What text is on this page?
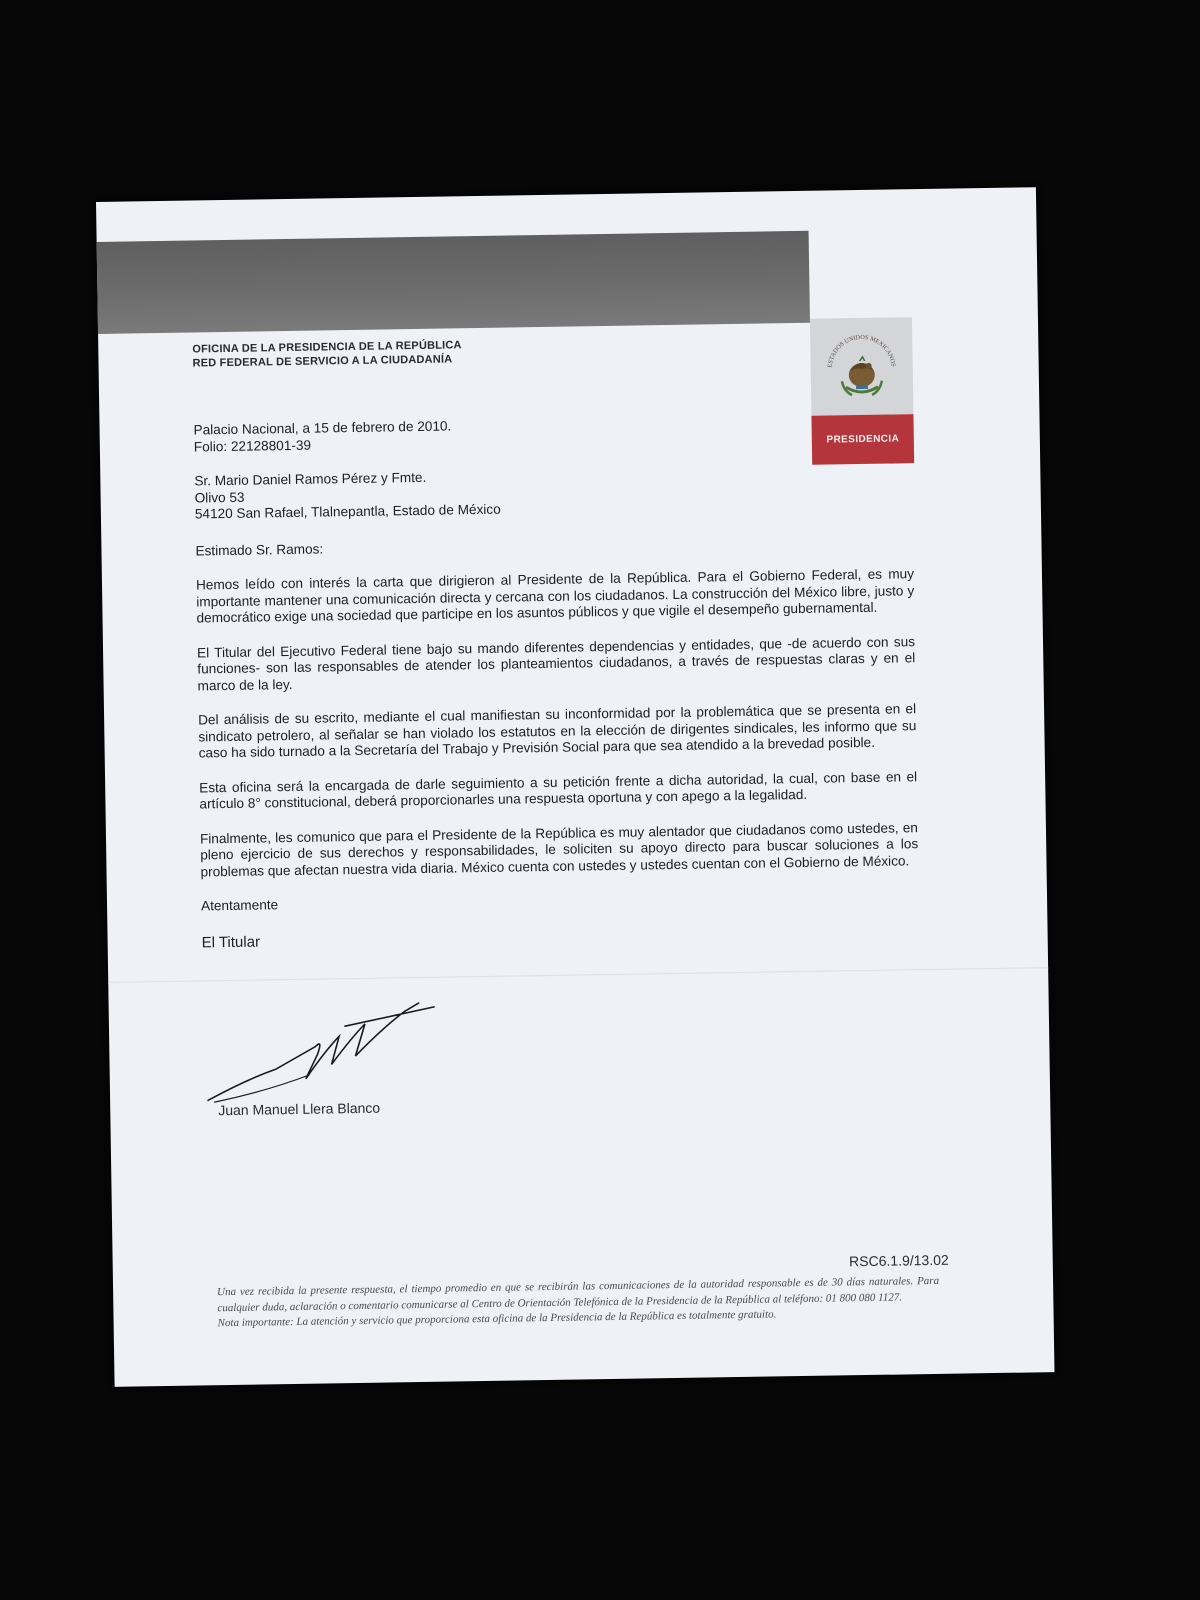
OFICINA DE LA PRESIDENCIA DE LA REPÚBLICA
RED FEDERAL DE SERVICIO A LA CIUDADANÍA	ESTADOS UNIDOS MEXICANOS
PRESIDENCIA

Palacio Nacional, a 15 de febrero de 2010.

Folio: 22128801-39

Sr. Mario Daniel Ramos Pérez y Fmte.

Olivo 53

54120 San Rafael, Tlalnepantla, Estado de México

Estimado Sr. Ramos:

Hemos leído con interés la carta que dirigieron al Presidente de la República. Para el Gobierno Federal, es muy importante mantener una comunicación directa y cercana con los ciudadanos. La construcción del México libre, justo y democrático exige una sociedad que participe en los asuntos públicos y que vigile el desempeño gubernamental.

El Titular del Ejecutivo Federal tiene bajo su mando diferentes dependencias y entidades, que -de acuerdo con sus funciones- son las responsables de atender los planteamientos ciudadanos, a través de respuestas claras y en el marco de la ley.

Del análisis de su escrito, mediante el cual manifiestan su inconformidad por la problemática que se presenta en el sindicato petrolero, al señalar se han violado los estatutos en la elección de dirigentes sindicales, les informo que su caso ha sido turnado a la Secretaría del Trabajo y Previsión Social para que sea atendido a la brevedad posible.

Esta oficina será la encargada de darle seguimiento a su petición frente a dicha autoridad, la cual, con base en el artículo 8° constitucional, deberá proporcionarles una respuesta oportuna y con apego a la legalidad.

Finalmente, les comunico que para el Presidente de la República es muy alentador que ciudadanos como ustedes, en pleno ejercicio de sus derechos y responsabilidades, le soliciten su apoyo directo para buscar soluciones a los problemas que afectan nuestra vida diaria. México cuenta con ustedes y ustedes cuentan con el Gobierno de México.

Atentamente

El Titular

Juan Manuel Llera Blanco
RSC6.1.9/13.02

Una vez recibida la presente respuesta, el tiempo promedio en que se recibirán las comunicaciones de la autoridad responsable es de 30 días naturales. Para cualquier duda, aclaración o comentario comunicarse al Centro de Orientación Telefónica de la Presidencia de la República al teléfono: 01 800 080 1127.

Nota importante: La atención y servicio que proporciona esta oficina de la Presidencia de la República es totalmente gratuito.
